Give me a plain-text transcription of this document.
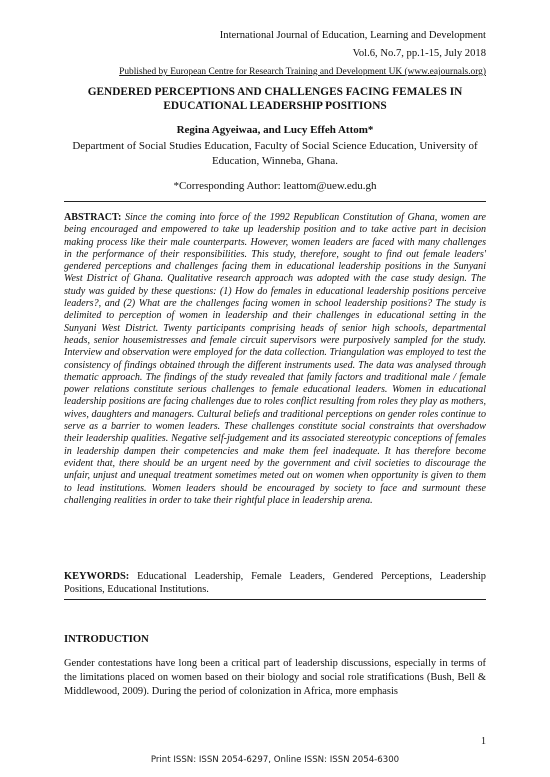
International Journal of Education, Learning and Development
Vol.6, No.7, pp.1-15, July 2018
Published by European Centre for Research Training and Development UK (www.eajournals.org)
GENDERED PERCEPTIONS AND CHALLENGES FACING FEMALES IN EDUCATIONAL LEADERSHIP POSITIONS
Regina Agyeiwaa, and Lucy Effeh Attom*
Department of Social Studies Education, Faculty of Social Science Education, University of Education, Winneba, Ghana.
*Corresponding Author: leattom@uew.edu.gh
ABSTRACT: Since the coming into force of the 1992 Republican Constitution of Ghana, women are being encouraged and empowered to take up leadership position and to take active part in decision making process like their male counterparts. However, women leaders are faced with many challenges in the performance of their responsibilities. This study, therefore, sought to find out female leaders' gendered perceptions and challenges facing them in educational leadership positions in the Sunyani West District of Ghana. Qualitative research approach was adopted with the case study design. The study was guided by these questions: (1) How do females in educational leadership positions perceive leaders?, and (2) What are the challenges facing women in school leadership positions? The study is delimited to perception of women in leadership and their challenges in educational setting in the Sunyani West District. Twenty participants comprising heads of senior high schools, departmental heads, senior housemistresses and female circuit supervisors were purposively sampled for the study. Interview and observation were employed for the data collection. Triangulation was employed to test the consistency of findings obtained through the different instruments used. The data was analysed through thematic approach. The findings of the study revealed that family factors and traditional male / female power relations constitute serious challenges to female educational leaders. Women in educational leadership positions are facing challenges due to roles conflict resulting from roles they play as mothers, wives, daughters and managers. Cultural beliefs and traditional perceptions on gender roles continue to serve as a barrier to women leaders. These challenges constitute social constraints that overshadow their leadership qualities. Negative self-judgement and its associated stereotypic conceptions of females in leadership dampen their competencies and make them feel inadequate. It has therefore become evident that, there should be an urgent need by the government and civil societies to discourage the unfair, unjust and unequal treatment sometimes meted out on women when opportunity is given to them to lead institutions. Women leaders should be encouraged by society to face and surmount these challenging realities in order to take their rightful place in leadership arena.
KEYWORDS: Educational Leadership, Female Leaders, Gendered Perceptions, Leadership Positions, Educational Institutions.
INTRODUCTION
Gender contestations have long been a critical part of leadership discussions, especially in terms of the limitations placed on women based on their biology and social role stratifications (Bush, Bell & Middlewood, 2009). During the period of colonization in Africa, more emphasis
1
Print ISSN: ISSN 2054-6297, Online ISSN: ISSN 2054-6300
